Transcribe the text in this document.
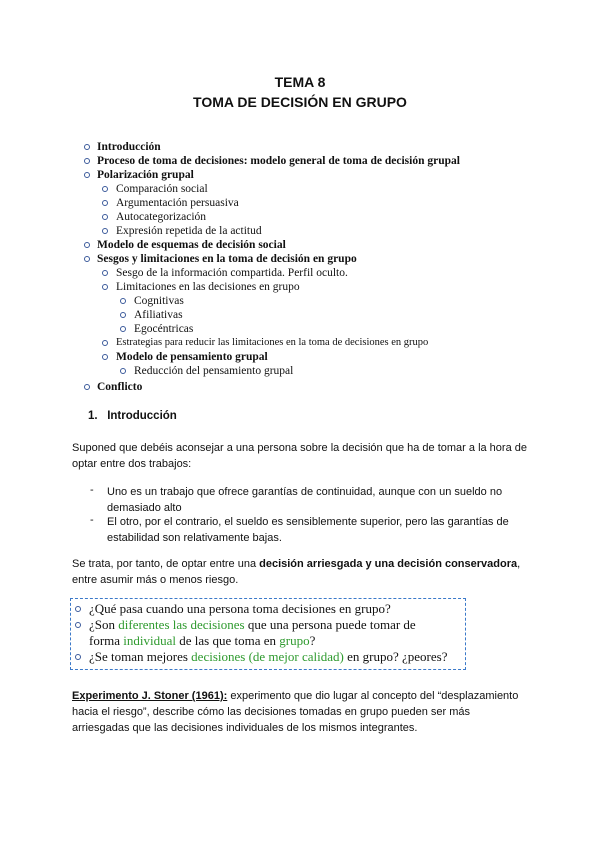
TEMA 8
TOMA DE DECISIÓN EN GRUPO
Introducción
Proceso de toma de decisiones: modelo general de toma de decisión grupal
Polarización grupal
Comparación social
Argumentación persuasiva
Autocategorización
Expresión repetida de la actitud
Modelo de esquemas de decisión social
Sesgos y limitaciones en la toma de decisión en grupo
Sesgo de la información compartida. Perfil oculto.
Limitaciones en las decisiones en grupo
Cognitivas
Afiliativas
Egocéntricas
Estrategias para reducir las limitaciones en la toma de decisiones en grupo
Modelo de pensamiento grupal
Reducción del pensamiento grupal
Conflicto
1. Introducción
Suponed que debéis aconsejar a una persona sobre la decisión que ha de tomar a la hora de optar entre dos trabajos:
- Uno es un trabajo que ofrece garantías de continuidad, aunque con un sueldo no demasiado alto
- El otro, por el contrario, el sueldo es sensiblemente superior, pero las garantías de estabilidad son relativamente bajas.
Se trata, por tanto, de optar entre una decisión arriesgada y una decisión conservadora, entre asumir más o menos riesgo.
¿Qué pasa cuando una persona toma decisiones en grupo?
¿Son diferentes las decisiones que una persona puede tomar de
forma individual de las que toma en grupo?
¿Se toman mejores decisiones (de mejor calidad) en grupo? ¿peores?
Experimento J. Stoner (1961): experimento que dio lugar al concepto del “desplazamiento
hacia el riesgo”, describe cómo las decisiones tomadas en grupo pueden ser más
arriesgadas que las decisiones individuales de los mismos integrantes.
